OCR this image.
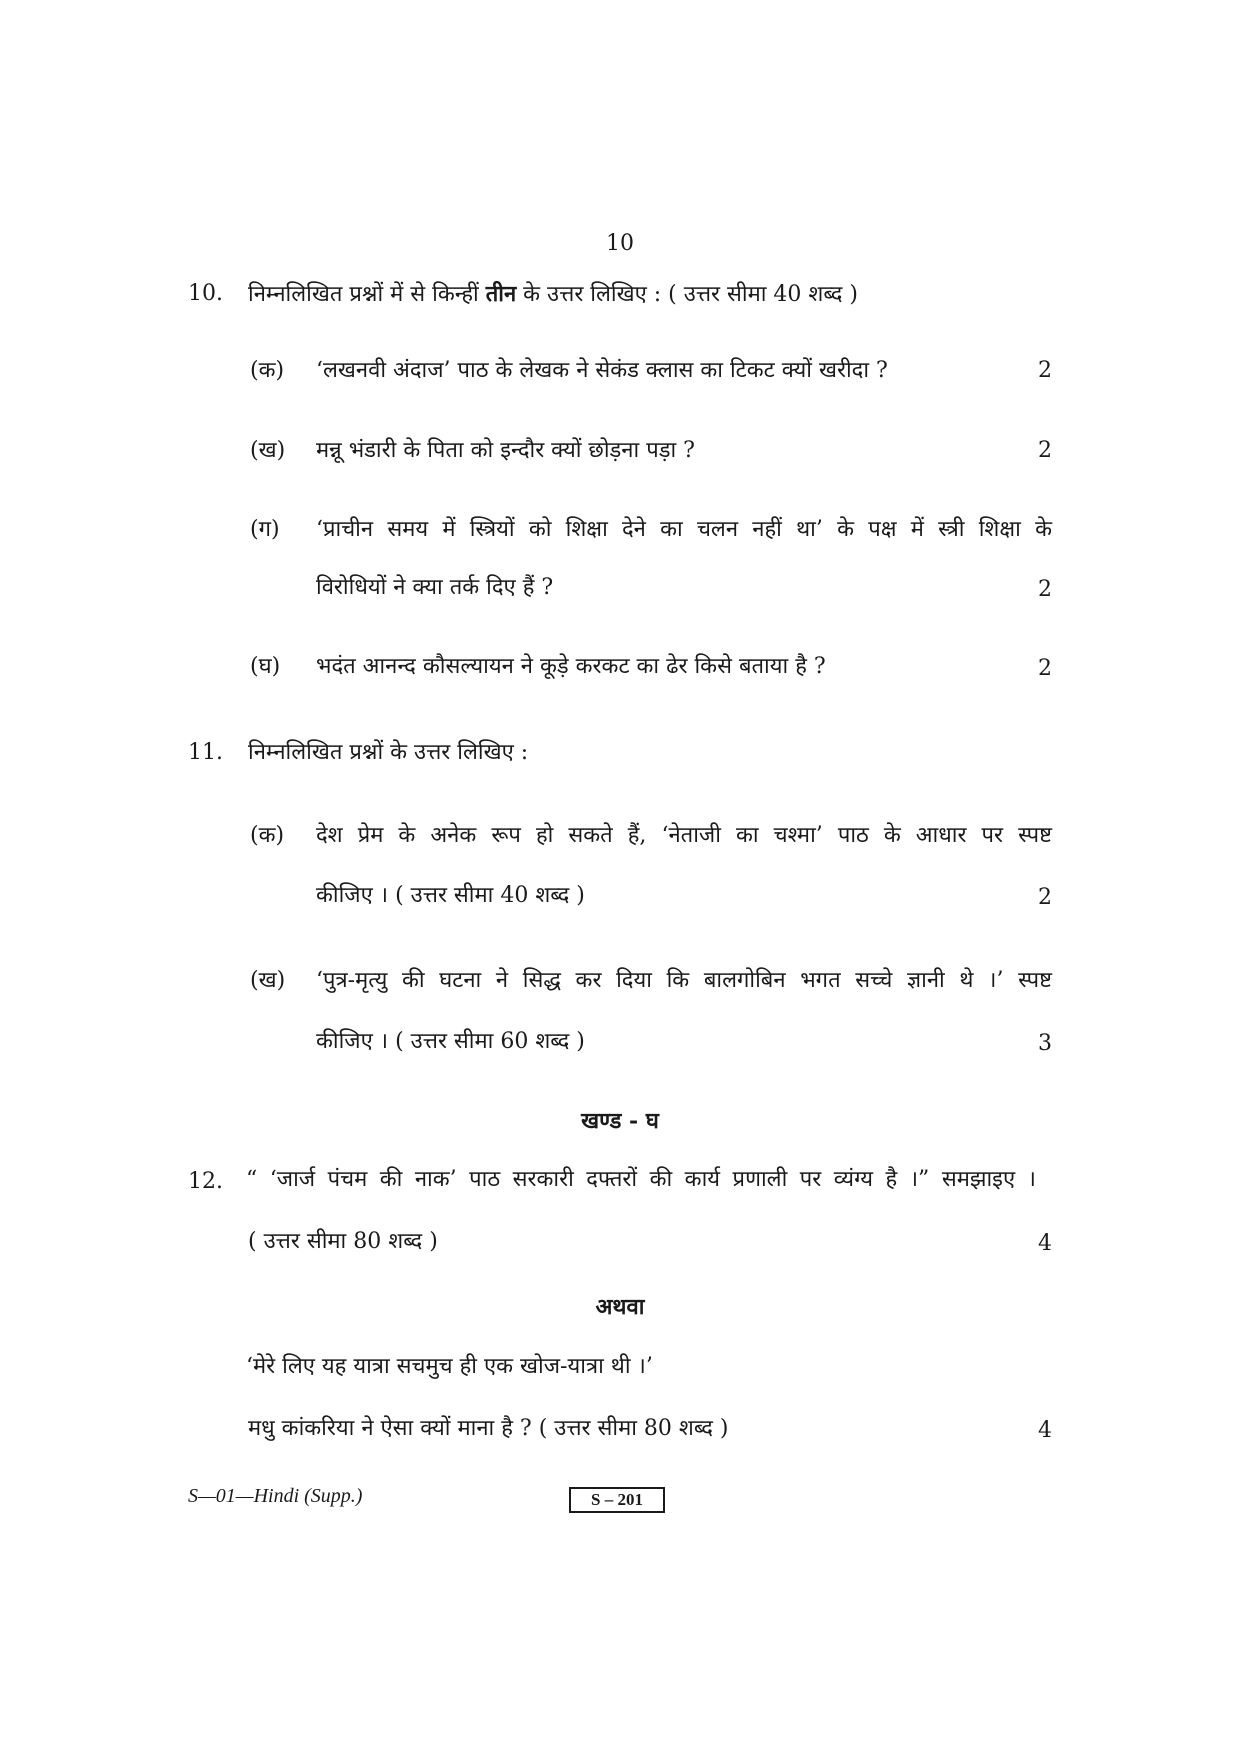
10
10. निम्नलिखित प्रश्नों में से किन्हीं तीन के उत्तर लिखिए : ( उत्तर सीमा 40 शब्द )
(क) ‘लखनवी अंदाज’ पाठ के लेखक ने सेकंड क्लास का टिकट क्यों खरीदा ?	2
(ख) मन्नू भंडारी के पिता को इन्दौर क्यों छोड़ना पड़ा ?	2
(ग) ‘प्राचीन समय में स्त्रियों को शिक्षा देने का चलन नहीं था’ के पक्ष में स्त्री शिक्षा के
विरोधियों ने क्या तर्क दिए हैं ?	2
(घ) भदंत आनन्द कौसल्यायन ने कूड़े करकट का ढेर किसे बताया है ?	2
11. निम्नलिखित प्रश्नों के उत्तर लिखिए :
(क) देश प्रेम के अनेक रूप हो सकते हैं, ‘नेताजी का चश्मा’ पाठ के आधार पर स्पष्ट
कीजिए । ( उत्तर सीमा 40 शब्द )	2
(ख) ‘पुत्र-मृत्यु की घटना ने सिद्ध कर दिया कि बालगोबिन भगत सच्चे ज्ञानी थे ।’ स्पष्ट
कीजिए । ( उत्तर सीमा 60 शब्द )	3
खण्ड - घ
12. “ ‘जार्ज पंचम की नाक’ पाठ सरकारी दफ्तरों की कार्य प्रणाली पर व्यंग्य है ।” समझाइए ।
( उत्तर सीमा 80 शब्द )	4
अथवा
‘मेरे लिए यह यात्रा सचमुच ही एक खोज-यात्रा थी ।’
मधु कांकरिया ने ऐसा क्यों माना है ? ( उत्तर सीमा 80 शब्द )	4
S—01—Hindi (Supp.)	S – 201
